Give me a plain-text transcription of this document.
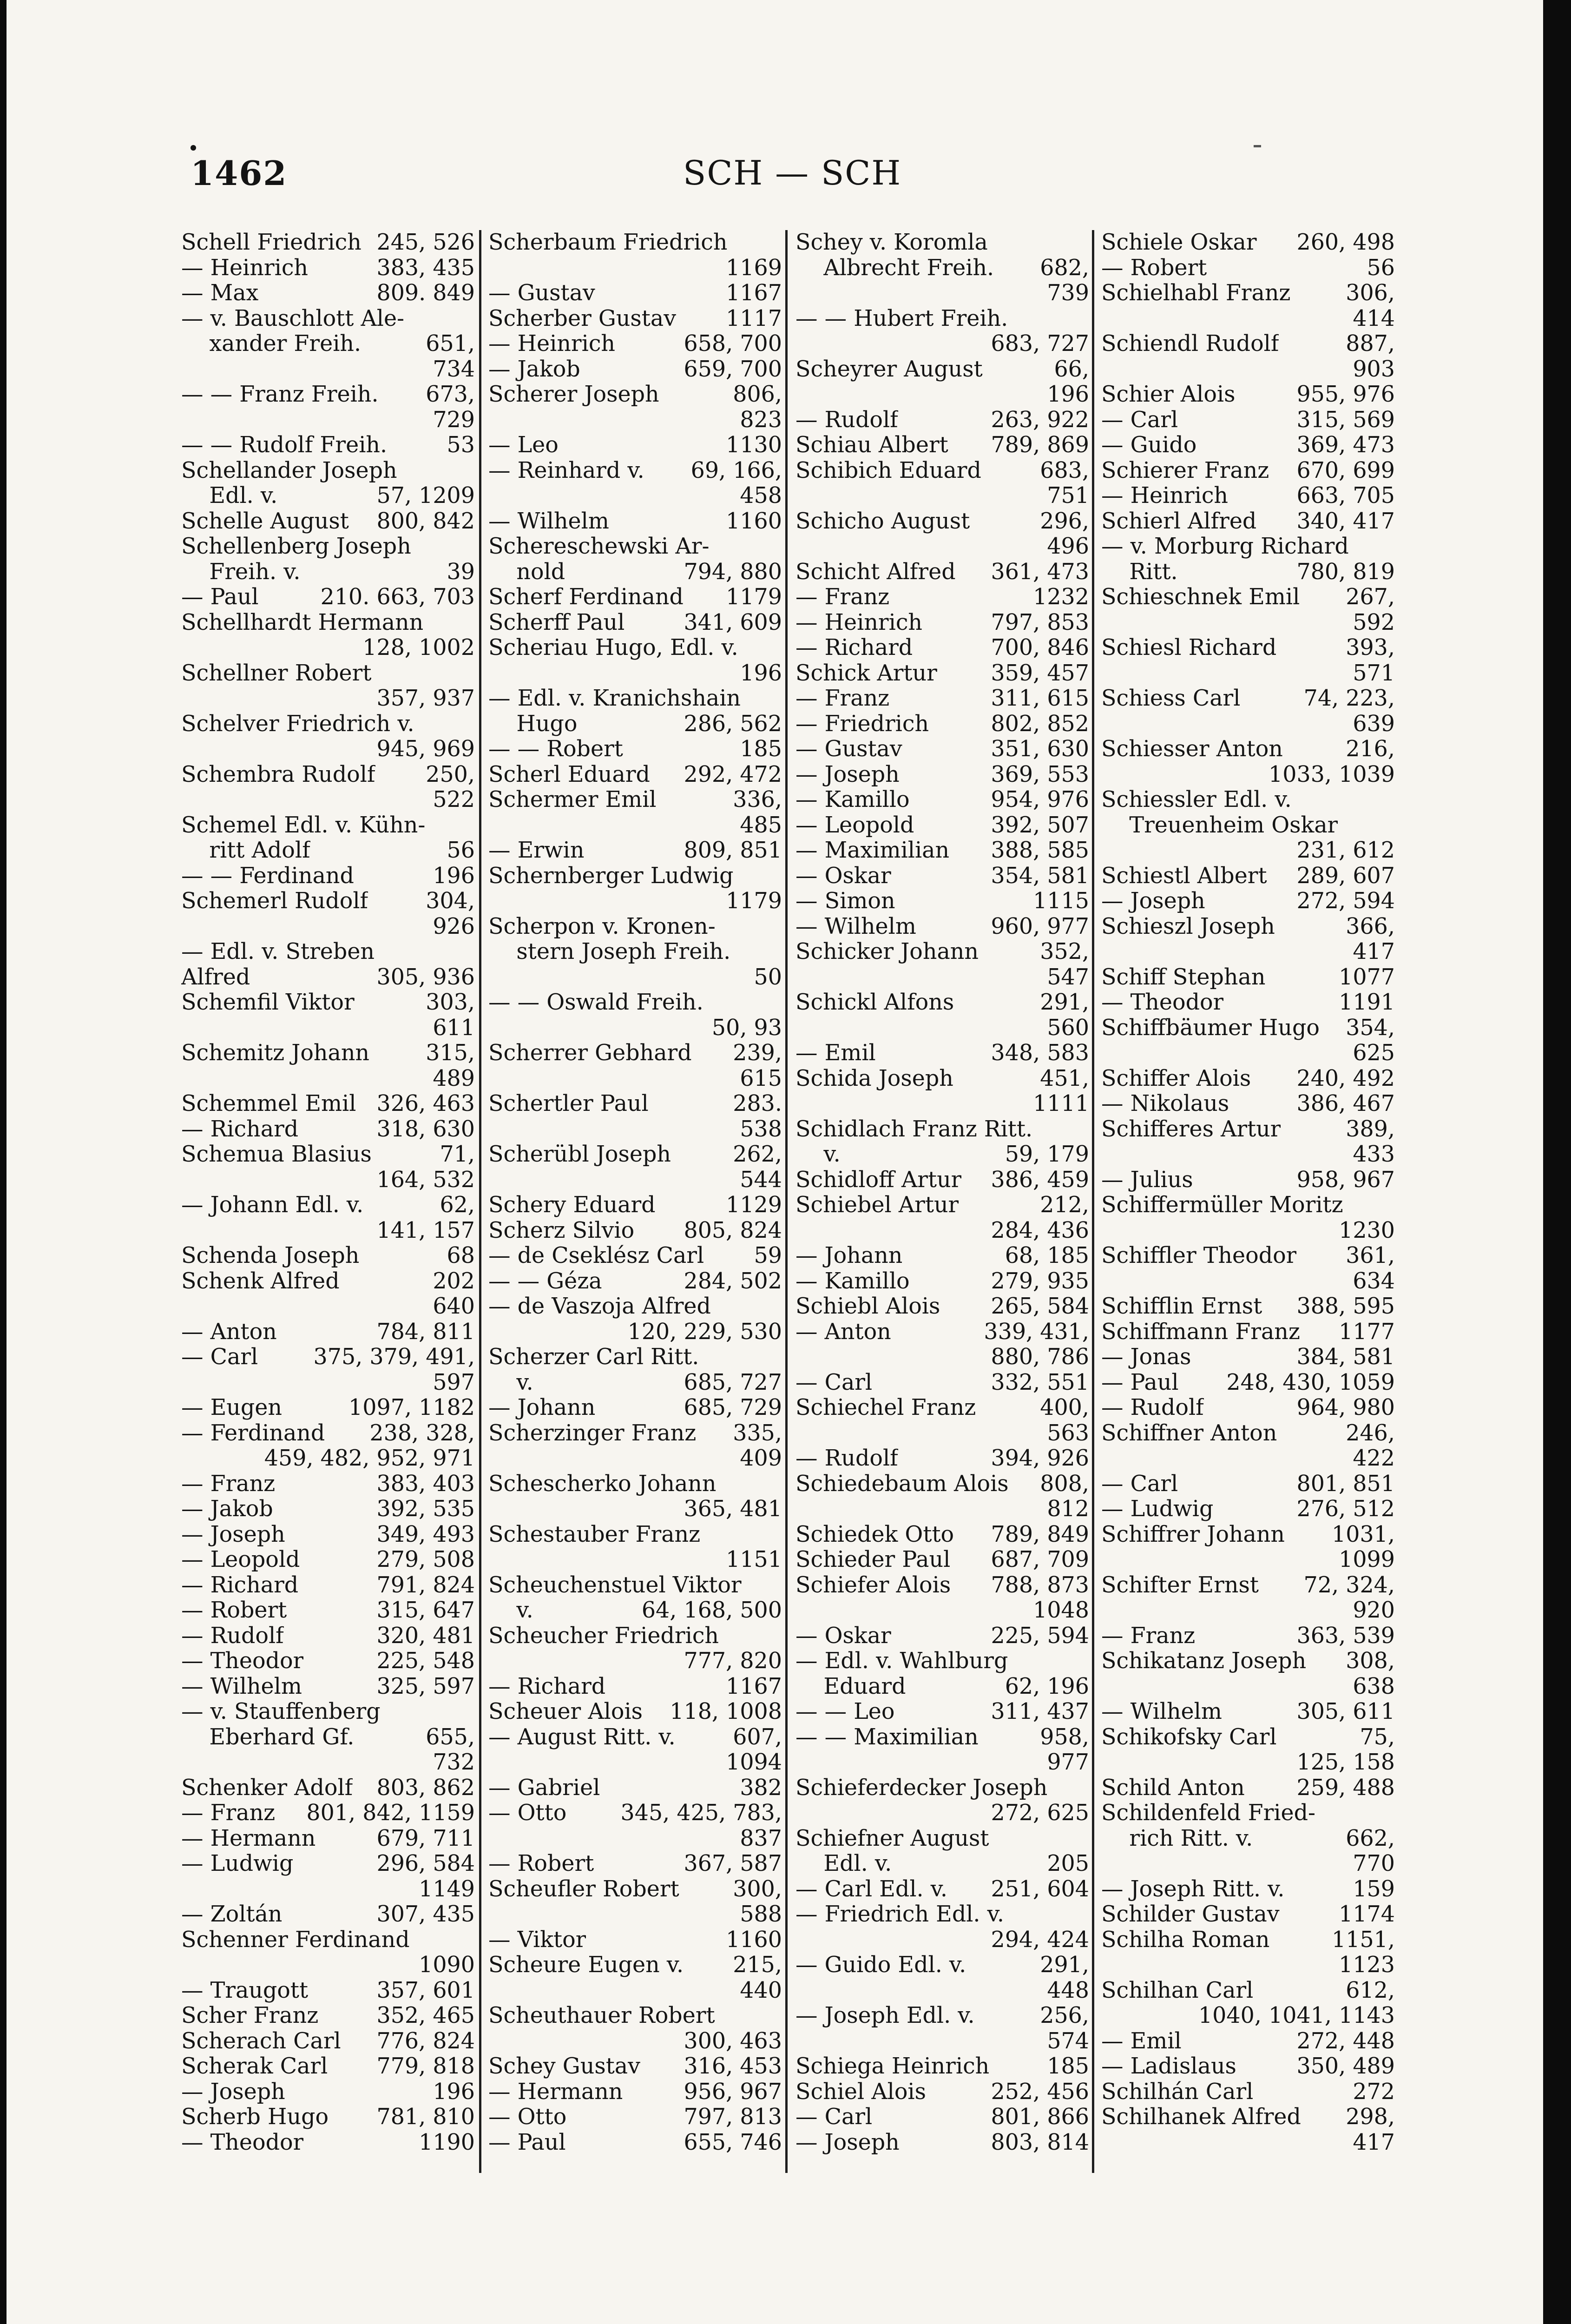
1462	SCH — SCH
Schell Friedrich 245, 526
— Heinrich	383, 435
— Max	809. 849
— v. Bauschlott Ale-
xander Freih.	651,
734
— — Franz Freih. 673,
729
— — Rudolf Freih.	53
Schellander Joseph
Edl. v.	57, 1209
Schelle August 800, 842
Schellenberg Joseph
Freih. v.	39
— Paul	210. 663, 703
Schellhardt Hermann
128, 1002
Schellner Robert
357, 937
Schelver Friedrich v.
945, 969
Schembra Rudolf 250,
522
Schemel Edl. v. Kühn-
ritt Adolf	56
— — Ferdinand	196
Schemerl Rudolf	304,
926
— Edl. v. Streben
Alfred	305, 936
Schemfil Viktor	303,
611
Schemitz Johann	315,
489
Schemmel Emil 326, 463
— Richard	318, 630
Schemua Blasius	71,
164, 532
— Johann Edl. v.	62,
141, 157
Schenda Joseph	68
Schenk Alfred	202
640
— Anton	784, 811
— Carl	375, 379, 491,
597
— Eugen	1097, 1182
— Ferdinand 238, 328,
459, 482, 952, 971
— Franz	383, 403
— Jakob	392, 535
— Joseph	349, 493
— Leopold	279, 508
— Richard	791, 824
— Robert	315, 647
— Rudolf	320, 481
— Theodor	225, 548
— Wilhelm	325, 597
— v. Stauffenberg
Eberhard Gf.	655,
732
Schenker Adolf 803, 862
— Franz 801, 842, 1159
— Hermann	679, 711
— Ludwig	296, 584
1149
— Zoltán	307, 435
Schenner Ferdinand
1090
— Traugott	357, 601
Scher Franz	352, 465
Scherach Carl 776, 824
Scherak Carl 779, 818
— Joseph	196
Scherb Hugo 781, 810
— Theodor	1190
Scherbaum Friedrich
1169
— Gustav	1167
Scherber Gustav 1117
— Heinrich	658, 700
— Jakob	659, 700
Scherer Joseph	806,
823
— Leo	1130
— Reinhard v. 69, 166,
458
— Wilhelm	1160
Schereschewski Ar-
nold	794, 880
Scherf Ferdinand 1179
Scherff Paul	341, 609
Scheriau Hugo, Edl. v.
196
— Edl. v. Kranichshain
Hugo	286, 562
— — Robert	185
Scherl Eduard 292, 472
Schermer Emil	336,
485
— Erwin	809, 851
Schernberger Ludwig
1179
Scherpon v. Kronen-
stern Joseph Freih.
50
— — Oswald Freih.
50, 93
Scherrer Gebhard 239,
615
Schertler Paul	283.
538
Scherübl Joseph	262,
544
Schery Eduard	1129
Scherz Silvio 805, 824
— de Cseklész Carl 59
— — Géza	284, 502
— de Vaszoja Alfred
120, 229, 530
Scherzer Carl Ritt.
v.	685, 727
— Johann	685, 729
Scherzinger Franz 335,
409
Schescherko Johann
365, 481
Schestauber Franz
1151
Scheuchenstuel Viktor
v.	64, 168, 500
Scheucher Friedrich
777, 820
— Richard	1167
Scheuer Alois 118, 1008
— August Ritt. v.	607,
1094
— Gabriel	382
— Otto 345, 425, 783,
837
— Robert	367, 587
Scheufler Robert 300,
588
— Viktor	1160
Scheure Eugen v. 215,
440
Scheuthauer Robert
300, 463
Schey Gustav 316, 453
— Hermann	956, 967
— Otto	797, 813
— Paul	655, 746
Schey v. Koromla
Albrecht Freih. 682,
739
— — Hubert Freih.
683, 727
Scheyrer August	66,
196
— Rudolf	263, 922
Schiau Albert 789, 869
Schibich Eduard	683,
751
Schicho August	296,
496
Schicht Alfred 361, 473
— Franz	1232
— Heinrich	797, 853
— Richard	700, 846
Schick Artur 359, 457
— Franz	311, 615
— Friedrich	802, 852
— Gustav	351, 630
— Joseph	369, 553
— Kamillo	954, 976
— Leopold	392, 507
— Maximilian 388, 585
— Oskar	354, 581
— Simon	1115
— Wilhelm	960, 977
Schicker Johann	352,
547
Schickl Alfons	291,
560
— Emil	348, 583
Schida Joseph	451,
1111
Schidlach Franz Ritt.
v.	59, 179
Schidloff Artur 386, 459
Schiebel Artur	212,
284, 436
— Johann	68, 185
— Kamillo	279, 935
Schiebl Alois 265, 584
— Anton	339, 431,
880, 786
— Carl	332, 551
Schiechel Franz	400,
563
— Rudolf	394, 926
Schiedebaum Alois 808,
812
Schiedek Otto 789, 849
Schieder Paul 687, 709
Schiefer Alois 788, 873
1048
— Oskar	225, 594
— Edl. v. Wahlburg
Eduard	62, 196
— — Leo	311, 437
— — Maximilian	958,
977
Schieferdecker Joseph
272, 625
Schiefner August
Edl. v.	205
— Carl Edl. v. 251, 604
— Friedrich Edl. v.
294, 424
— Guido Edl. v.	291,
448
— Joseph Edl. v.	256,
574
Schiega Heinrich	185
Schiel Alois	252, 456
— Carl	801, 866
— Joseph	803, 814
Schiele Oskar 260, 498
— Robert	56
Schielhabl Franz	306,
414
Schiendl Rudolf	887,
903
Schier Alois	955, 976
— Carl	315, 569
— Guido	369, 473
Schierer Franz 670, 699
— Heinrich	663, 705
Schierl Alfred 340, 417
— v. Morburg Richard
Ritt.	780, 819
Schieschnek Emil 267,
592
Schiesl Richard	393,
571
Schiess Carl	74, 223,
639
Schiesser Anton	216,
1033, 1039
Schiessler Edl. v.
Treuenheim Oskar
231, 612
Schiestl Albert 289, 607
— Joseph	272, 594
Schieszl Joseph	366,
417
Schiff Stephan	1077
— Theodor	1191
Schiffbäumer Hugo 354,
625
Schiffer Alois 240, 492
— Nikolaus	386, 467
Schifferes Artur	389,
433
— Julius	958, 967
Schiffermüller Moritz
1230
Schiffler Theodor 361,
634
Schifflin Ernst 388, 595
Schiffmann Franz 1177
— Jonas	384, 581
— Paul 248, 430, 1059
— Rudolf	964, 980
Schiffner Anton	246,
422
— Carl	801, 851
— Ludwig	276, 512
Schiffrer Johann 1031,
1099
Schifter Ernst 72, 324,
920
— Franz	363, 539
Schikatanz Joseph 308,
638
— Wilhelm	305, 611
Schikofsky Carl	75,
125, 158
Schild Anton 259, 488
Schildenfeld Fried-
rich Ritt. v.	662,
770
— Joseph Ritt. v.	159
Schilder Gustav	1174
Schilha Roman	1151,
1123
Schilhan Carl	612,
1040, 1041, 1143
— Emil	272, 448
— Ladislaus	350, 489
Schilhán Carl	272
Schilhanek Alfred 298,
417
